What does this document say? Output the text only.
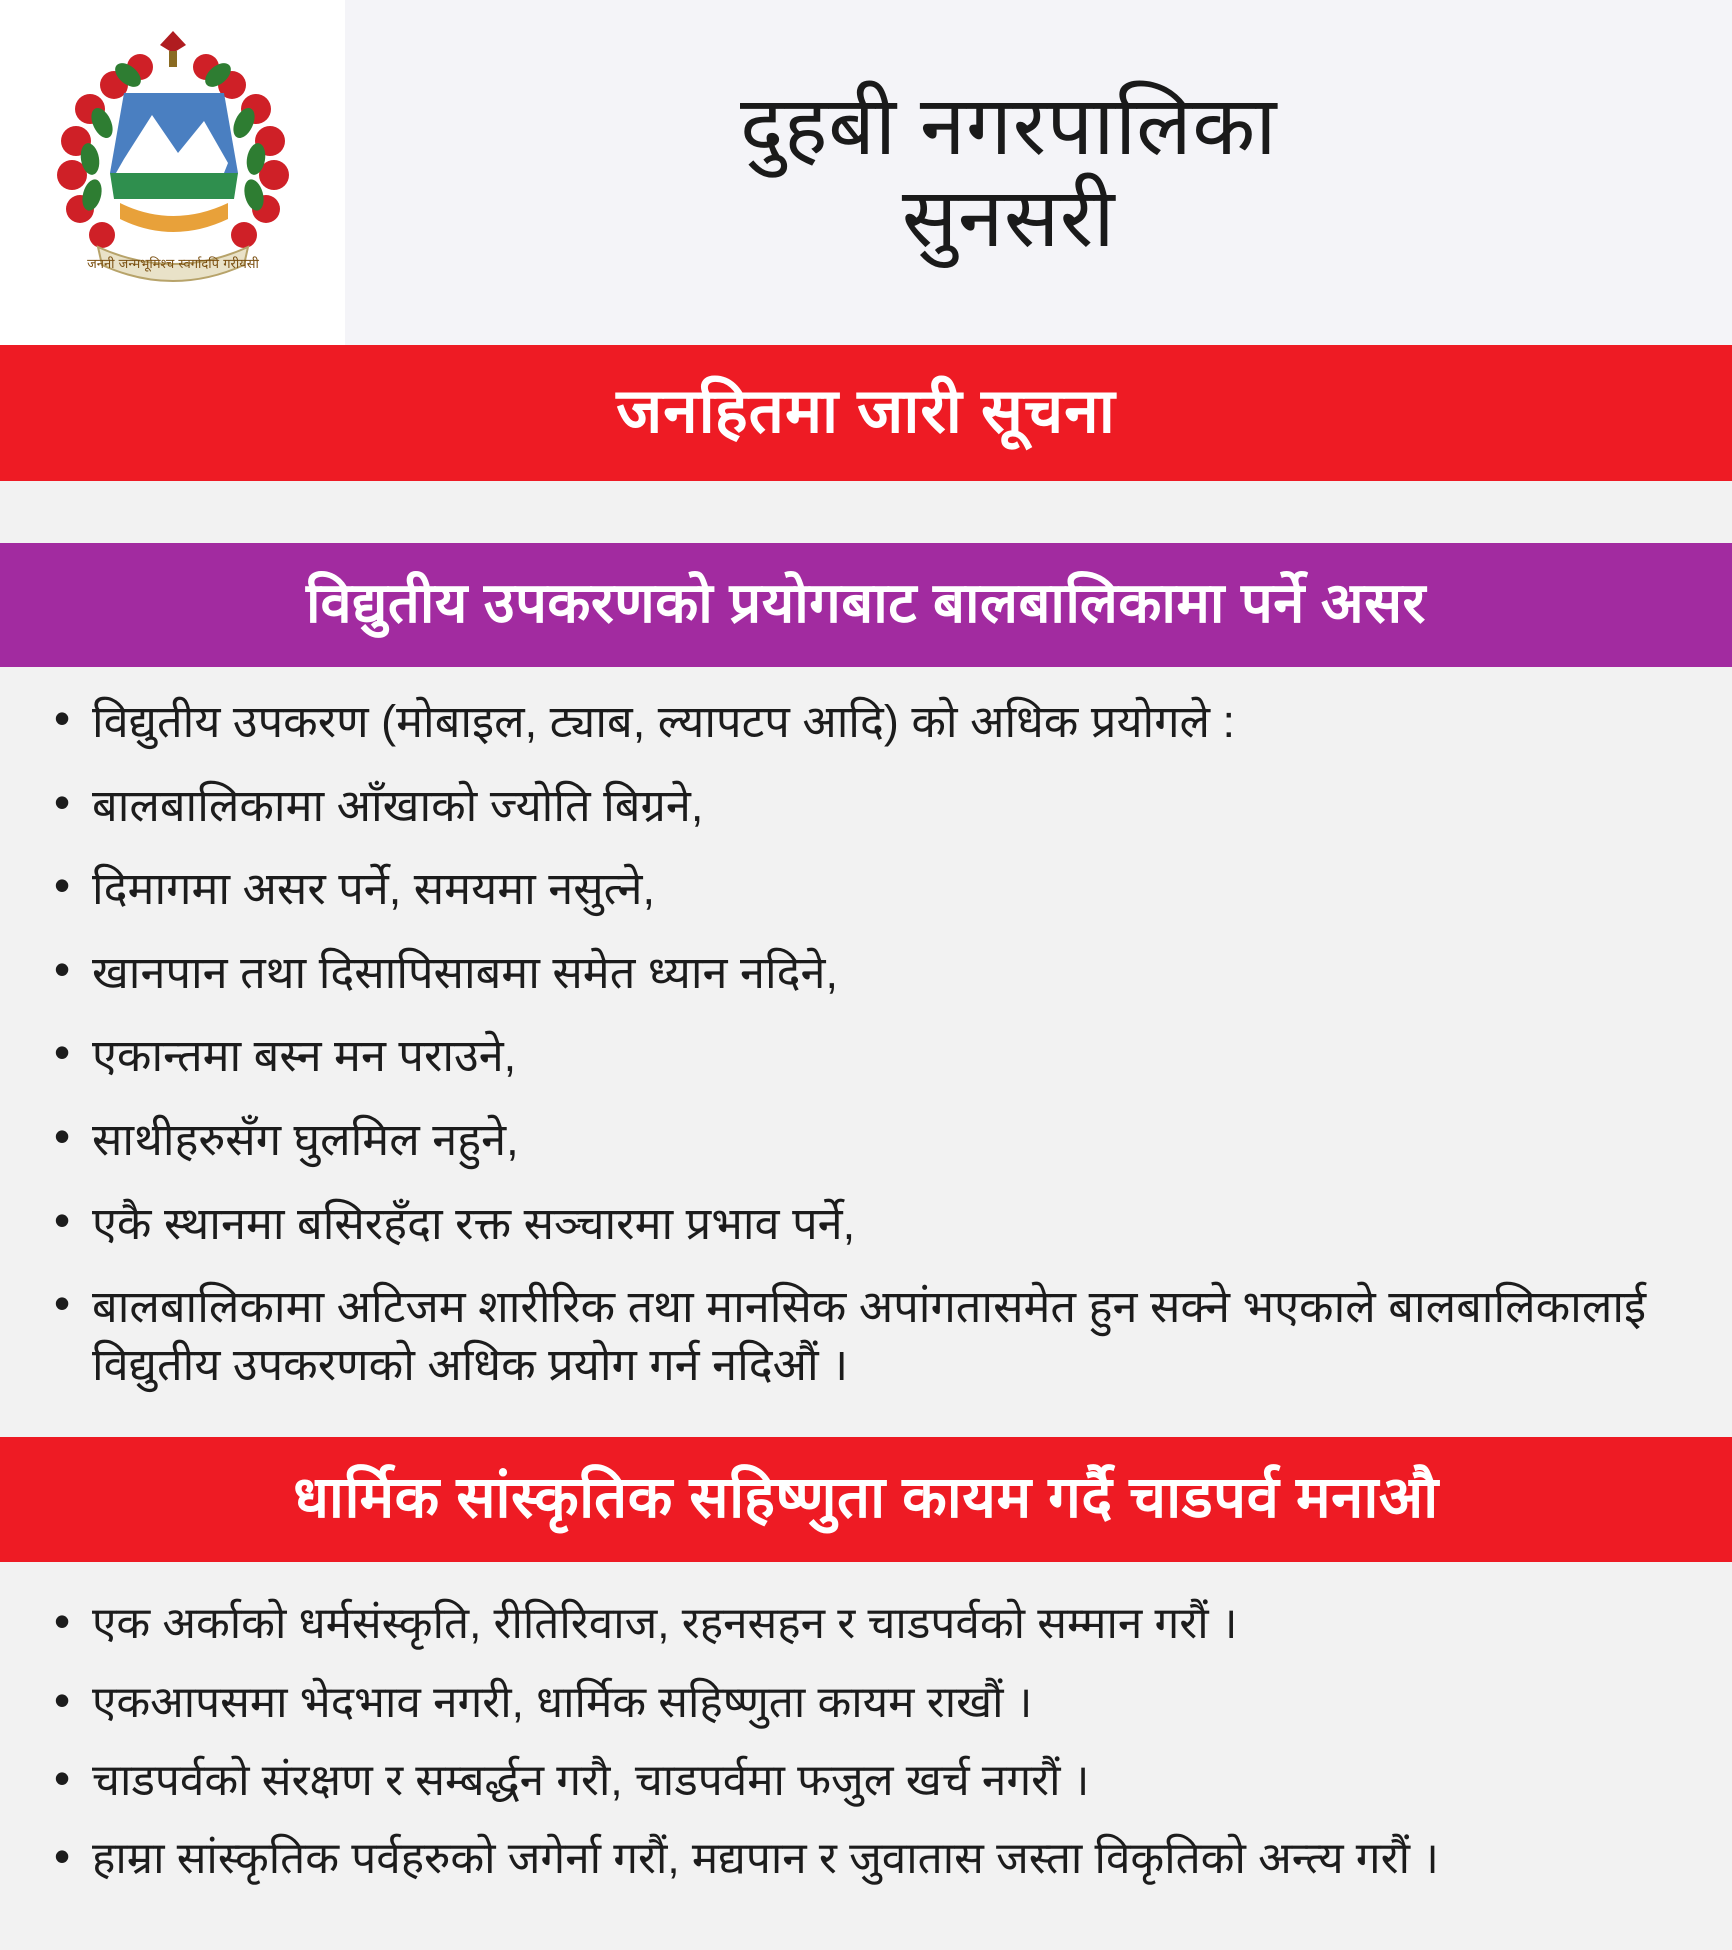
जननी जन्मभूमिश्च स्वर्गादपि गरीयसी
दुहबी नगरपालिका
सुनसरी
जनहितमा जारी सूचना
विद्युतीय उपकरणको प्रयोगबाट बालबालिकामा पर्ने असर
• विद्युतीय उपकरण (मोबाइल, ट्याब, ल्यापटप आदि) को अधिक प्रयोगले :
• बालबालिकामा आँखाको ज्योति बिग्रने,
• दिमागमा असर पर्ने, समयमा नसुत्ने,
• खानपान तथा दिसापिसाबमा समेत ध्यान नदिने,
• एकान्तमा बस्न मन पराउने,
• साथीहरुसँग घुलमिल नहुने,
• एकै स्थानमा बसिरहँदा रक्त सञ्चारमा प्रभाव पर्ने,
• बालबालिकामा अटिजम शारीरिक तथा मानसिक अपांगतासमेत हुन सक्ने भएकाले बालबालिकालाई विद्युतीय उपकरणको अधिक प्रयोग गर्न नदिऔं ।
धार्मिक सांस्कृतिक सहिष्णुता कायम गर्दै चाडपर्व मनाऔ
• एक अर्काको धर्मसंस्कृति, रीतिरिवाज, रहनसहन र चाडपर्वको सम्मान गरौं ।
• एकआपसमा भेदभाव नगरी, धार्मिक सहिष्णुता कायम राखौं ।
• चाडपर्वको संरक्षण र सम्बर्द्धन गरौ, चाडपर्वमा फजुल खर्च नगरौं ।
• हाम्रा सांस्कृतिक पर्वहरुको जगेर्ना गरौं, मद्यपान र जुवातास जस्ता विकृतिको अन्त्य गरौं ।
